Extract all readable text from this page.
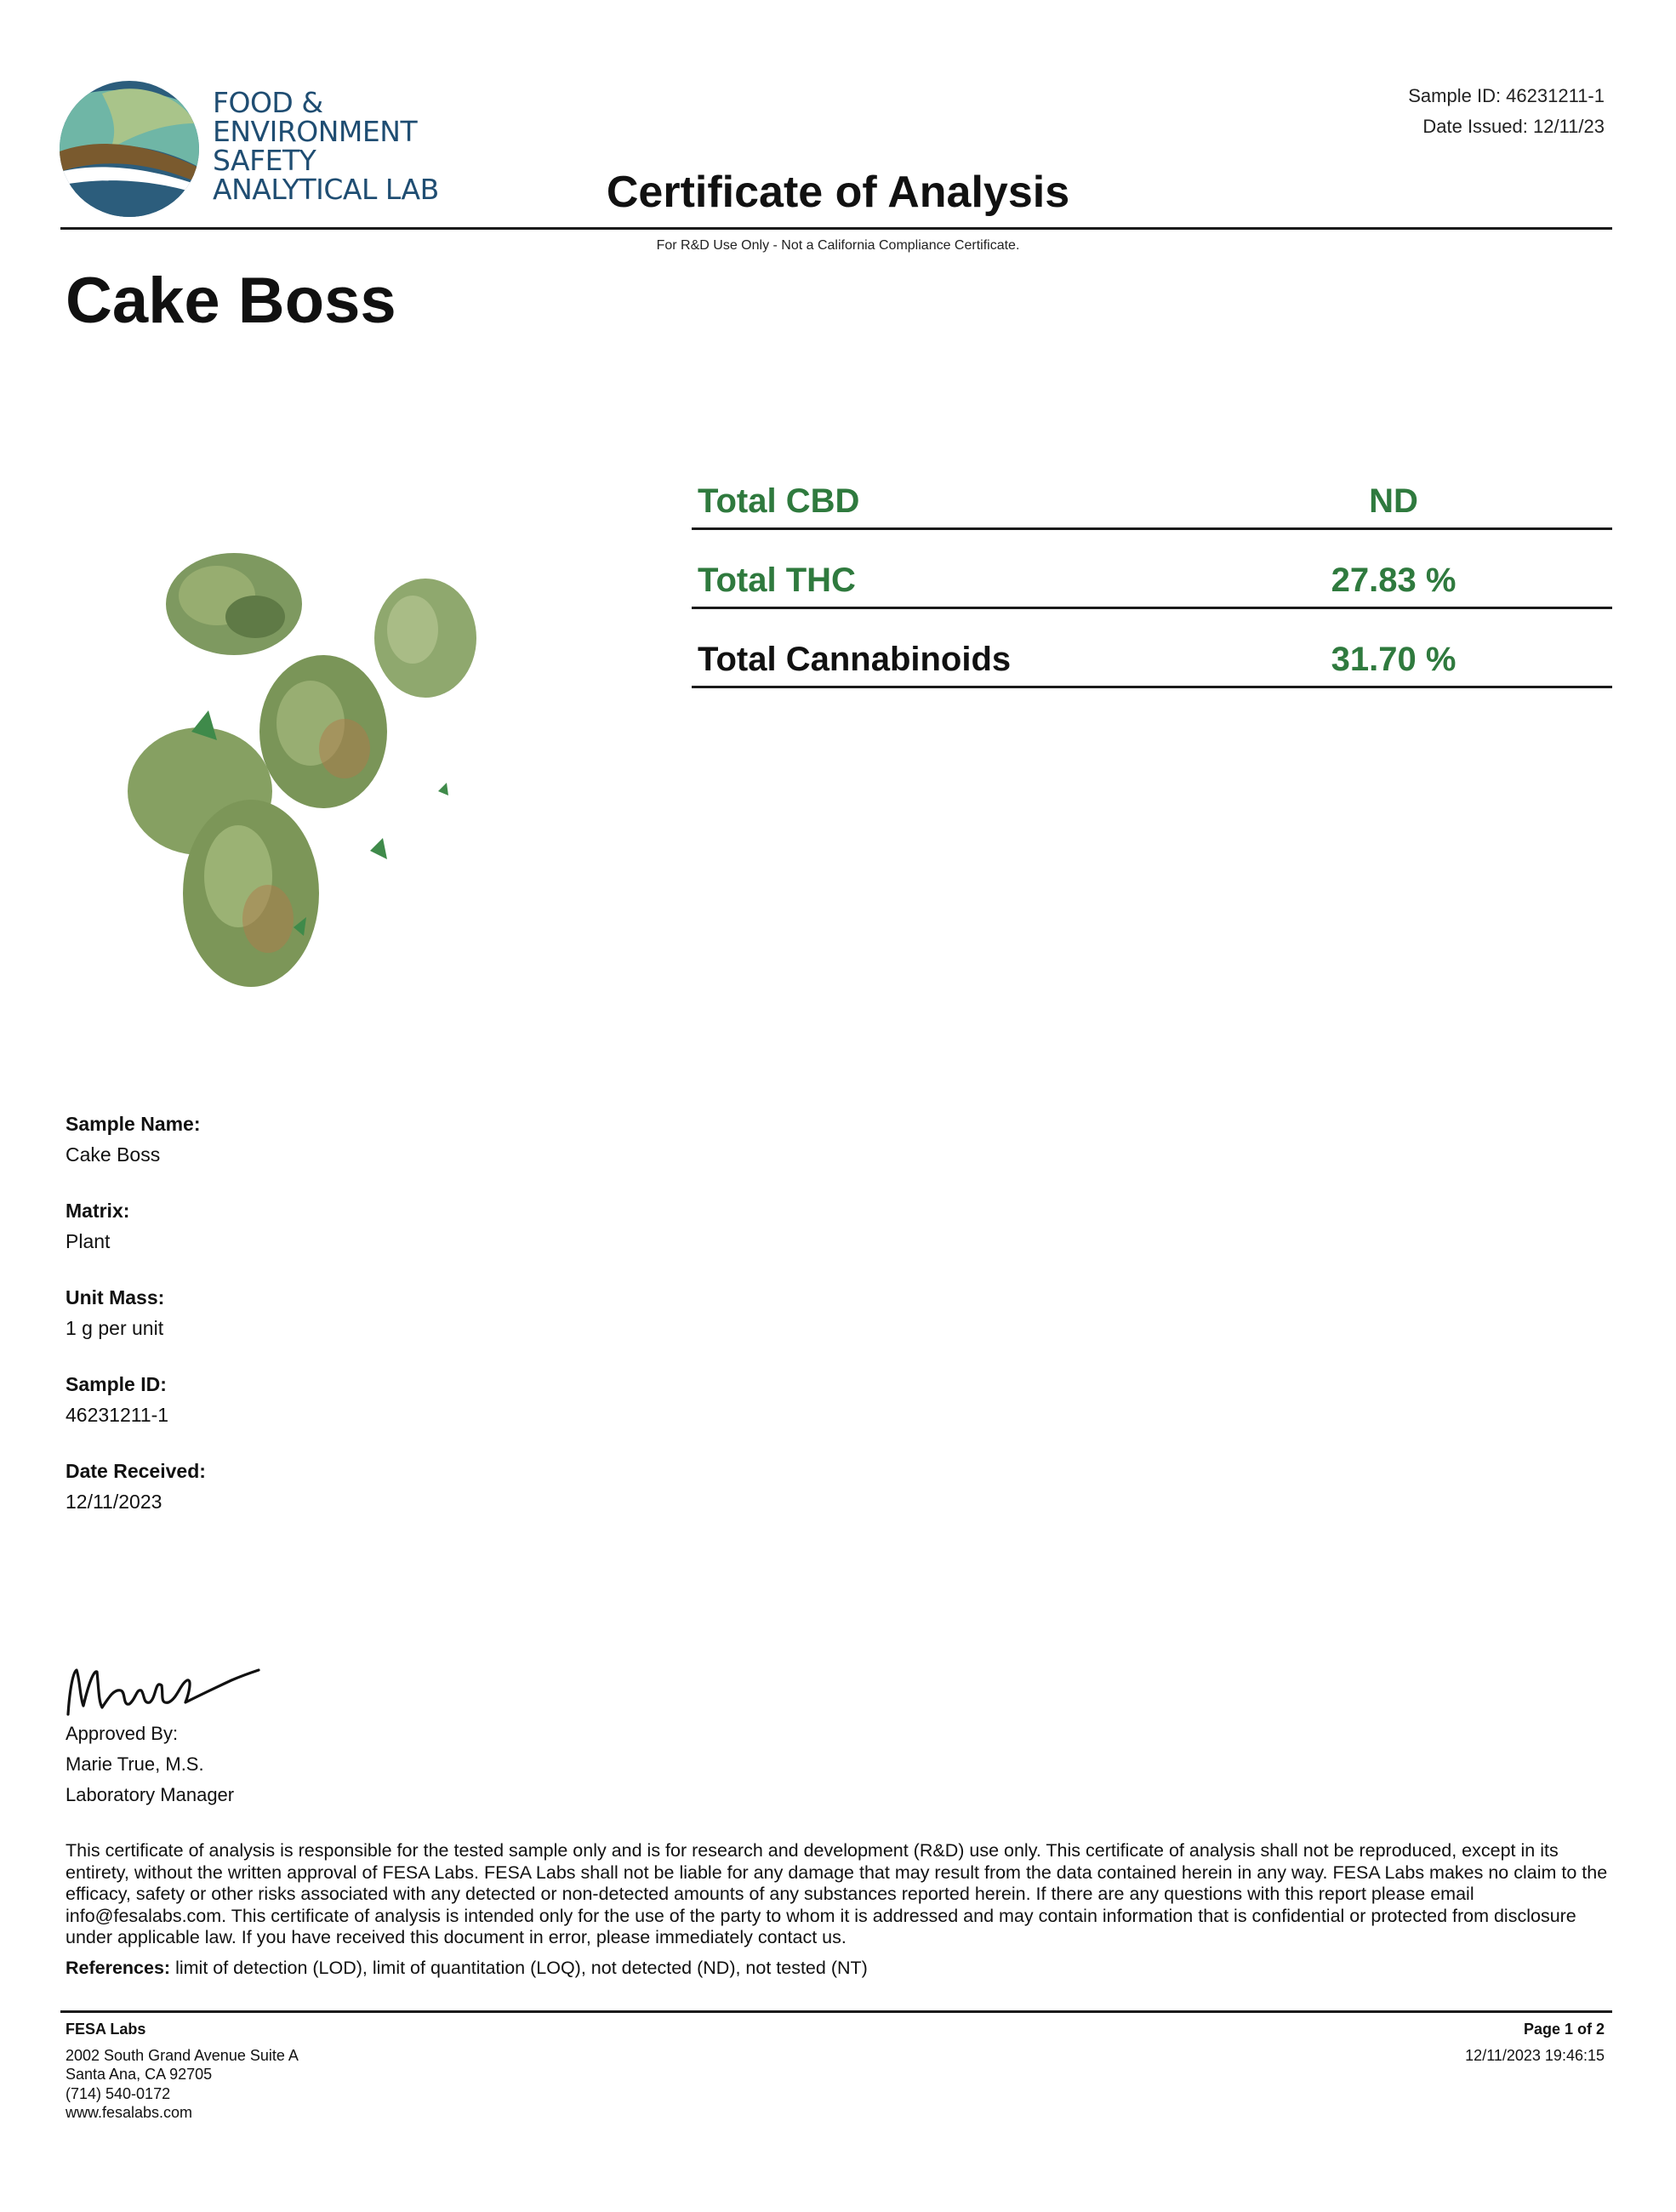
FOOD &
ENVIRONMENT
SAFETY
ANALYTICAL LAB
Sample ID: 46231211-1
Date Issued: 12/11/23
Certificate of Analysis
For R&D Use Only - Not a California Compliance Certificate.
Cake Boss
Total CBD	ND
Total THC	27.83 %
Total Cannabinoids	31.70 %
Sample Name:
Cake Boss
Matrix:
Plant
Unit Mass:
1 g per unit
Sample ID:
46231211-1
Date Received:
12/11/2023
Approved By:
Marie True, M.S.
Laboratory Manager
This certificate of analysis is responsible for the tested sample only and is for research and development (R&D) use only. This certificate of analysis shall not be reproduced, except in its entirety, without the written approval of FESA Labs. FESA Labs shall not be liable for any damage that may result from the data contained herein in any way. FESA Labs makes no claim to the efficacy, safety or other risks associated with any detected or non-detected amounts of any substances reported herein. If there are any questions with this report please email info@fesalabs.com. This certificate of analysis is intended only for the use of the party to whom it is addressed and may contain information that is confidential or protected from disclosure under applicable law. If you have received this document in error, please immediately contact us.
References: limit of detection (LOD), limit of quantitation (LOQ), not detected (ND), not tested (NT)
FESA Labs
2002 South Grand Avenue Suite A
Santa Ana, CA 92705
(714) 540-0172
www.fesalabs.com
Page 1 of 2
12/11/2023 19:46:15
